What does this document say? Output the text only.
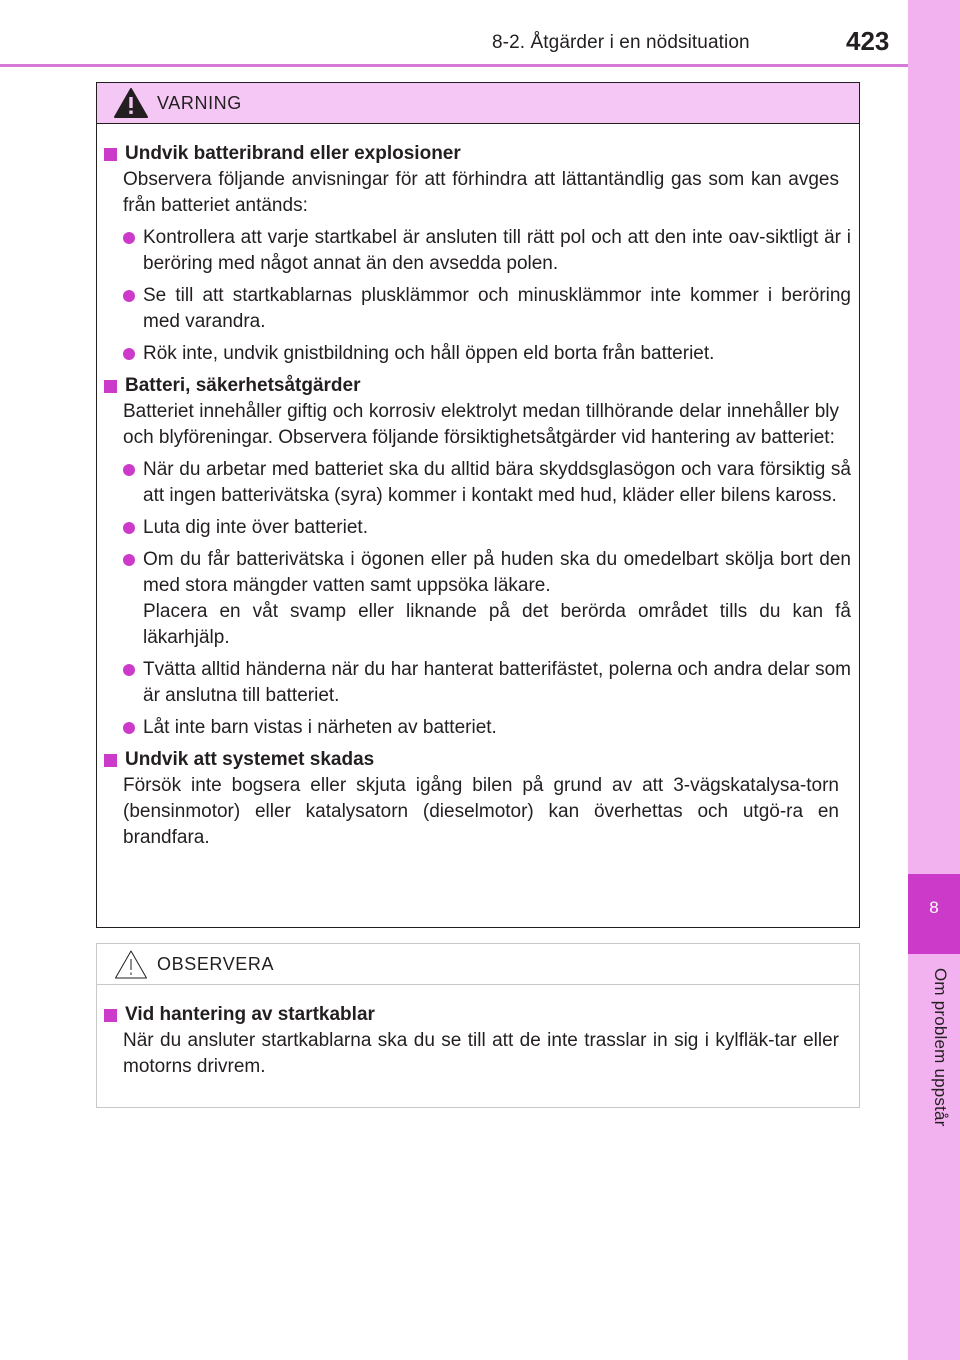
8-2. Åtgärder i en nödsituation	423
8
Om problem uppstår
VARNING
Undvik batteribrand eller explosioner
Observera följande anvisningar för att förhindra att lättantändlig gas som kan avges från batteriet antänds:
Kontrollera att varje startkabel är ansluten till rätt pol och att den inte oav-siktligt är i beröring med något annat än den avsedda polen.
Se till att startkablarnas plusklämmor och minusklämmor inte kommer i beröring med varandra.
Rök inte, undvik gnistbildning och håll öppen eld borta från batteriet.
Batteri, säkerhetsåtgärder
Batteriet innehåller giftig och korrosiv elektrolyt medan tillhörande delar innehåller bly och blyföreningar. Observera följande försiktighetsåtgärder vid hantering av batteriet:
När du arbetar med batteriet ska du alltid bära skyddsglasögon och vara försiktig så att ingen batterivätska (syra) kommer i kontakt med hud, kläder eller bilens kaross.
Luta dig inte över batteriet.
Om du får batterivätska i ögonen eller på huden ska du omedelbart skölja bort den med stora mängder vatten samt uppsöka läkare.
Placera en våt svamp eller liknande på det berörda området tills du kan få läkarhjälp.
Tvätta alltid händerna när du har hanterat batterifästet, polerna och andra delar som är anslutna till batteriet.
Låt inte barn vistas i närheten av batteriet.
Undvik att systemet skadas
Försök inte bogsera eller skjuta igång bilen på grund av att 3-vägskatalysa-torn (bensinmotor) eller katalysatorn (dieselmotor) kan överhettas och utgö-ra en brandfara.
OBSERVERA
Vid hantering av startkablar
När du ansluter startkablarna ska du se till att de inte trasslar in sig i kylfläk-tar eller motorns drivrem.
